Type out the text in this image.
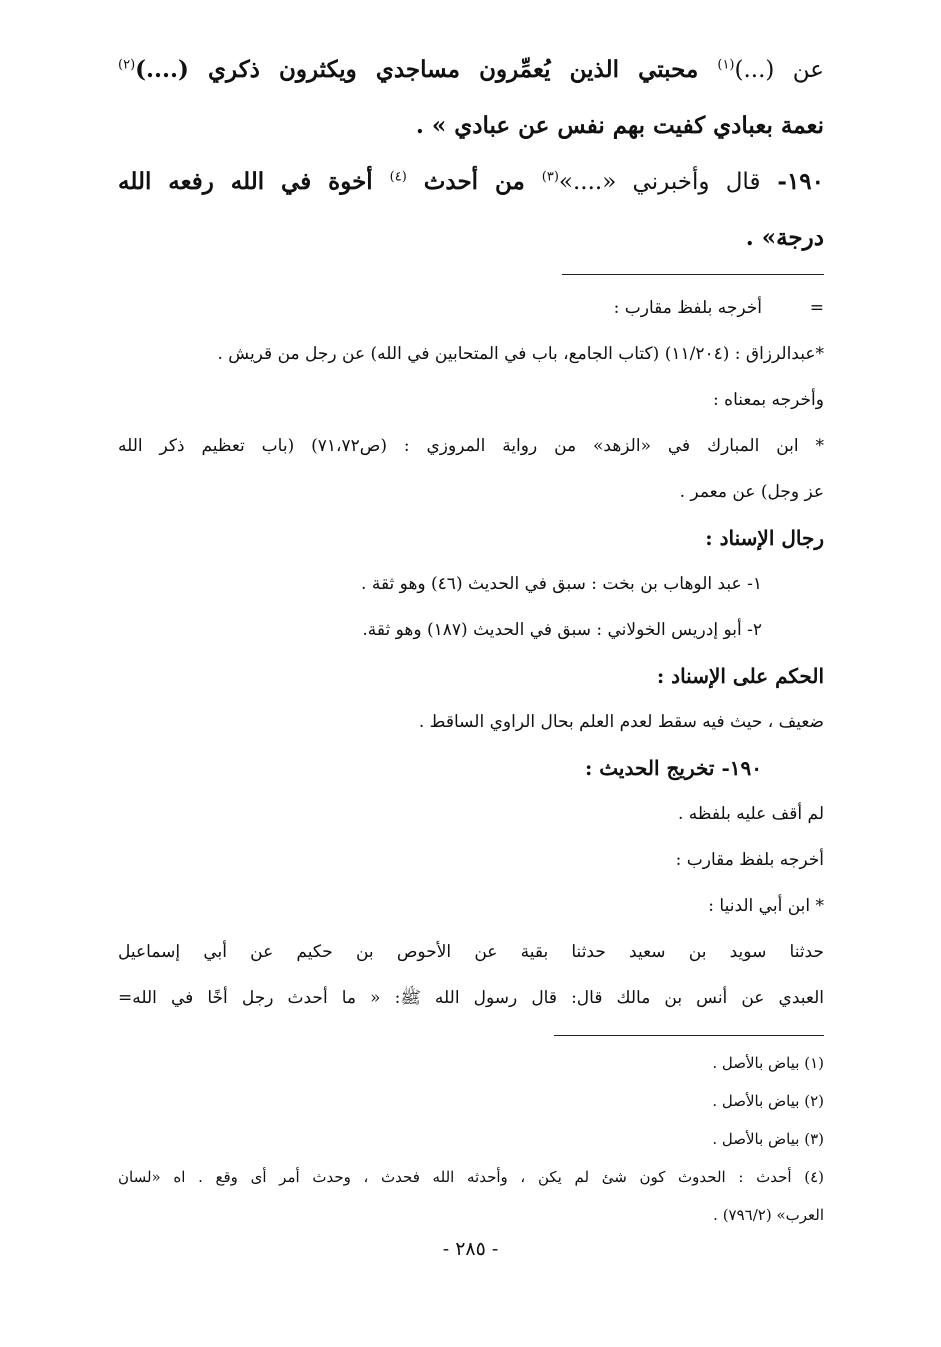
عن (...)$^{(١)}$ محبتي الذين يُعمِّرون مساجدي ويكثرون ذكري (....)$^{(٢)}$
نعمة بعبادي كفيت بهم نفس عن عبادي » .
١٩٠- قال وأخبرني «....»$^{(٣)}$ من أحدث $^{(٤)}$ أخوة في الله رفعه الله
درجة» .
=أخرجه بلفظ مقارب :
*عبدالرزاق : (١١/٢٠٤) (كتاب الجامع، باب في المتحابين في الله) عن رجل من قريش .
وأخرجه بمعناه :
* ابن المبارك في «الزهد» من رواية المروزي : (ص٧١،٧٢) (باب تعظيم ذكر الله
عز وجل) عن معمر .
رجال الإسناد :
١- عبد الوهاب بن بخت : سبق في الحديث (٤٦) وهو ثقة .
٢- أبو إدريس الخولاني : سبق في الحديث (١٨٧) وهو ثقة.
الحكم على الإسناد :
ضعيف ، حيث فيه سقط لعدم العلم بحال الراوي الساقط .
١٩٠- تخريج الحديث :
لم أقف عليه بلفظه .
أخرجه بلفظ مقارب :
* ابن أبي الدنيا :
حدثنا سويد بن سعيد حدثنا بقية عن الأحوص بن حكيم عن أبي إسماعيل
العبدي عن أنس بن مالك قال: قال رسول الله ﷺ: « ما أحدث رجل أخًا في الله=
(١) بياض بالأصل .
(٢) بياض بالأصل .
(٣) بياض بالأصل .
(٤) أحدث : الحدوث كون شئ لم يكن ، وأحدثه الله فحدث ، وحدث أمر أى وقع . اه «لسان
العرب» (٧٩٦/٢) .
- ٢٨٥ -
